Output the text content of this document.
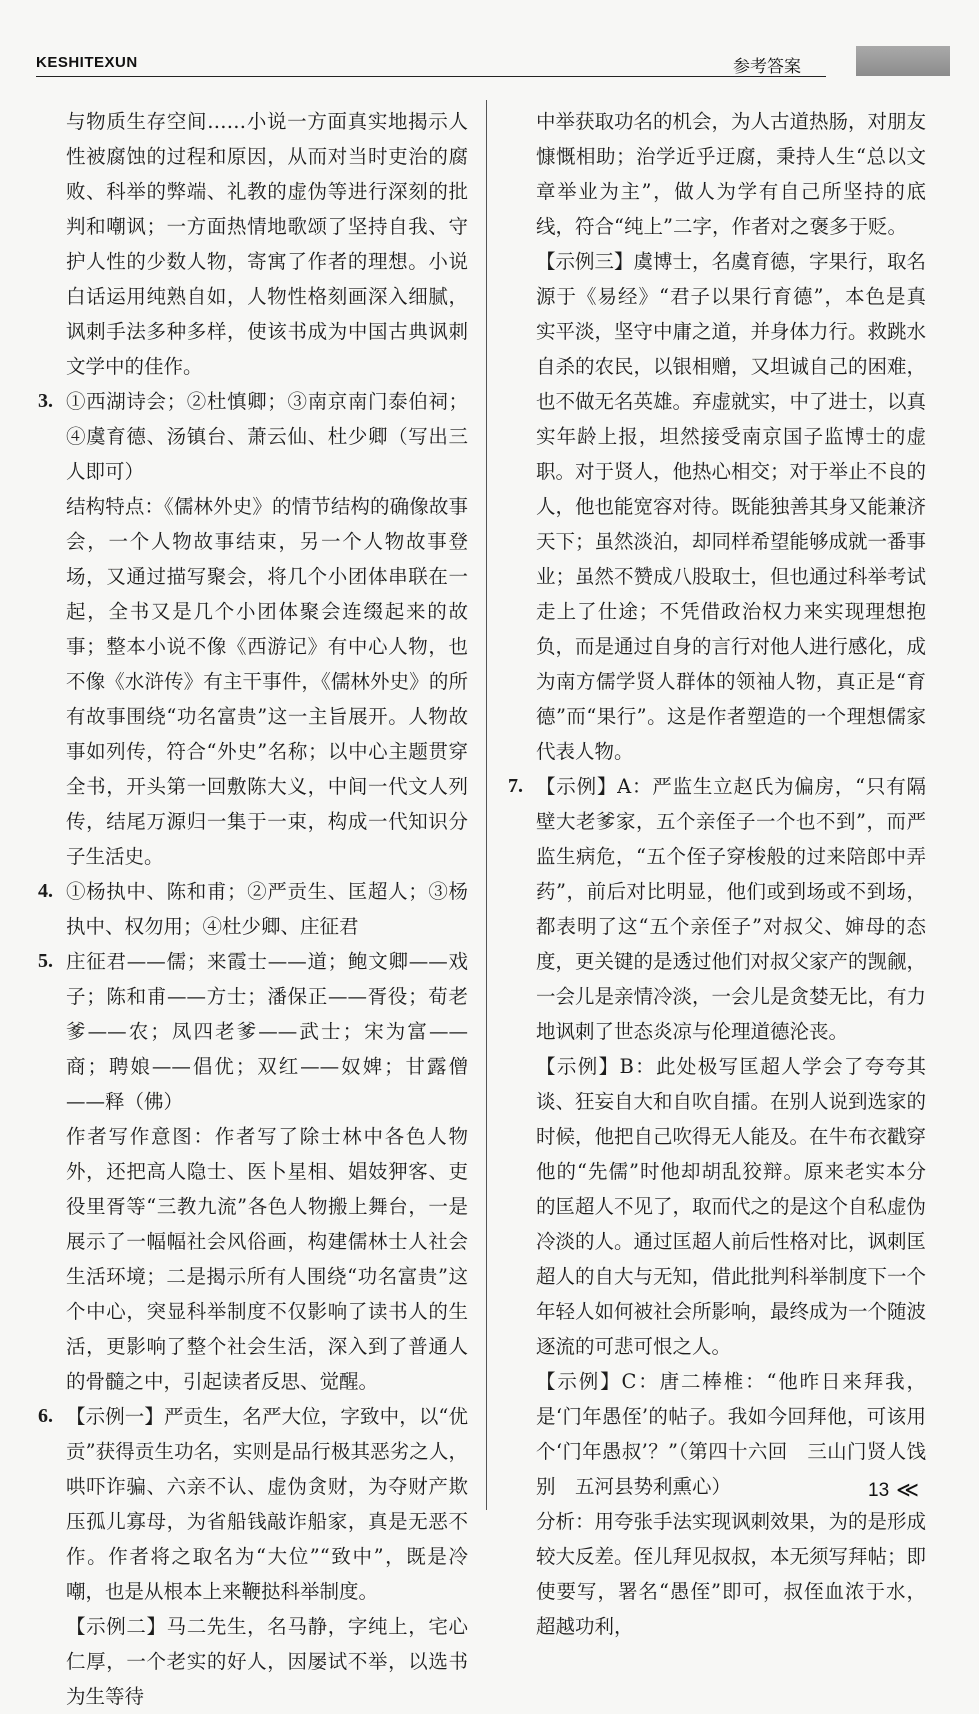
KESHITEXUN	参考答案

与物质生存空间……小说一方面真实地揭示人性被腐蚀的过程和原因，从而对当时吏治的腐败、科举的弊端、礼教的虚伪等进行深刻的批判和嘲讽；一方面热情地歌颂了坚持自我、守护人性的少数人物，寄寓了作者的理想。小说白话运用纯熟自如，人物性格刻画深入细腻，讽刺手法多种多样，使该书成为中国古典讽刺文学中的佳作。

3. ①西湖诗会；②杜慎卿；③南京南门泰伯祠；④虞育德、汤镇台、萧云仙、杜少卿（写出三人即可）

结构特点：《儒林外史》的情节结构的确像故事会，一个人物故事结束，另一个人物故事登场，又通过描写聚会，将几个小团体串联在一起，全书又是几个小团体聚会连缀起来的故事；整本小说不像《西游记》有中心人物，也不像《水浒传》有主干事件，《儒林外史》的所有故事围绕“功名富贵”这一主旨展开。人物故事如列传，符合“外史”名称；以中心主题贯穿全书，开头第一回敷陈大义，中间一代文人列传，结尾万源归一集于一束，构成一代知识分子生活史。

4. ①杨执中、陈和甫；②严贡生、匡超人；③杨执中、权勿用；④杜少卿、庄征君

5. 庄征君——儒；来霞士——道；鲍文卿——戏子；陈和甫——方士；潘保正——胥役；荀老爹——农；凤四老爹——武士；宋为富——商；聘娘——倡优；双红——奴婢；甘露僧——释（佛）

作者写作意图：作者写了除士林中各色人物外，还把高人隐士、医卜星相、娼妓狎客、吏役里胥等“三教九流”各色人物搬上舞台，一是展示了一幅幅社会风俗画，构建儒林士人社会生活环境；二是揭示所有人围绕“功名富贵”这个中心，突显科举制度不仅影响了读书人的生活，更影响了整个社会生活，深入到了普通人的骨髓之中，引起读者反思、觉醒。

6. 【示例一】严贡生，名严大位，字致中，以“优贡”获得贡生功名，实则是品行极其恶劣之人，哄吓诈骗、六亲不认、虚伪贪财，为夺财产欺压孤儿寡母，为省船钱敲诈船家，真是无恶不作。作者将之取名为“大位”“致中”，既是冷嘲，也是从根本上来鞭挞科举制度。

【示例二】马二先生，名马静，字纯上，宅心仁厚，一个老实的好人，因屡试不举，以选书为生等待

中举获取功名的机会，为人古道热肠，对朋友慷慨相助；治学近乎迂腐，秉持人生“总以文章举业为主”，做人为学有自己所坚持的底线，符合“纯上”二字，作者对之褒多于贬。

【示例三】虞博士，名虞育德，字果行，取名源于《易经》“君子以果行育德”，本色是真实平淡，坚守中庸之道，并身体力行。救跳水自杀的农民，以银相赠，又坦诚自己的困难，也不做无名英雄。弃虚就实，中了进士，以真实年龄上报，坦然接受南京国子监博士的虚职。对于贤人，他热心相交；对于举止不良的人，他也能宽容对待。既能独善其身又能兼济天下；虽然淡泊，却同样希望能够成就一番事业；虽然不赞成八股取士，但也通过科举考试走上了仕途；不凭借政治权力来实现理想抱负，而是通过自身的言行对他人进行感化，成为南方儒学贤人群体的领袖人物，真正是“育德”而“果行”。这是作者塑造的一个理想儒家代表人物。

7. 【示例】A：严监生立赵氏为偏房，“只有隔壁大老爹家，五个亲侄子一个也不到”，而严监生病危，“五个侄子穿梭般的过来陪郎中弄药”，前后对比明显，他们或到场或不到场，都表明了这“五个亲侄子”对叔父、婶母的态度，更关键的是透过他们对叔父家产的觊觎，一会儿是亲情冷淡，一会儿是贪婪无比，有力地讽刺了世态炎凉与伦理道德沦丧。

【示例】B：此处极写匡超人学会了夸夸其谈、狂妄自大和自吹自擂。在别人说到选家的时候，他把自己吹得无人能及。在牛布衣戳穿他的“先儒”时他却胡乱狡辩。原来老实本分的匡超人不见了，取而代之的是这个自私虚伪冷淡的人。通过匡超人前后性格对比，讽刺匡超人的自大与无知，借此批判科举制度下一个年轻人如何被社会所影响，最终成为一个随波逐流的可悲可恨之人。

【示例】C：唐二棒椎：“他昨日来拜我，是‘门年愚侄’的帖子。我如今回拜他，可该用个‘门年愚叔’？”（第四十六回　三山门贤人饯别　五河县势利熏心）

分析：用夸张手法实现讽刺效果，为的是形成较大反差。侄儿拜见叔叔，本无须写拜帖；即使要写，署名“愚侄”即可，叔侄血浓于水，超越功利，

13 ≪
